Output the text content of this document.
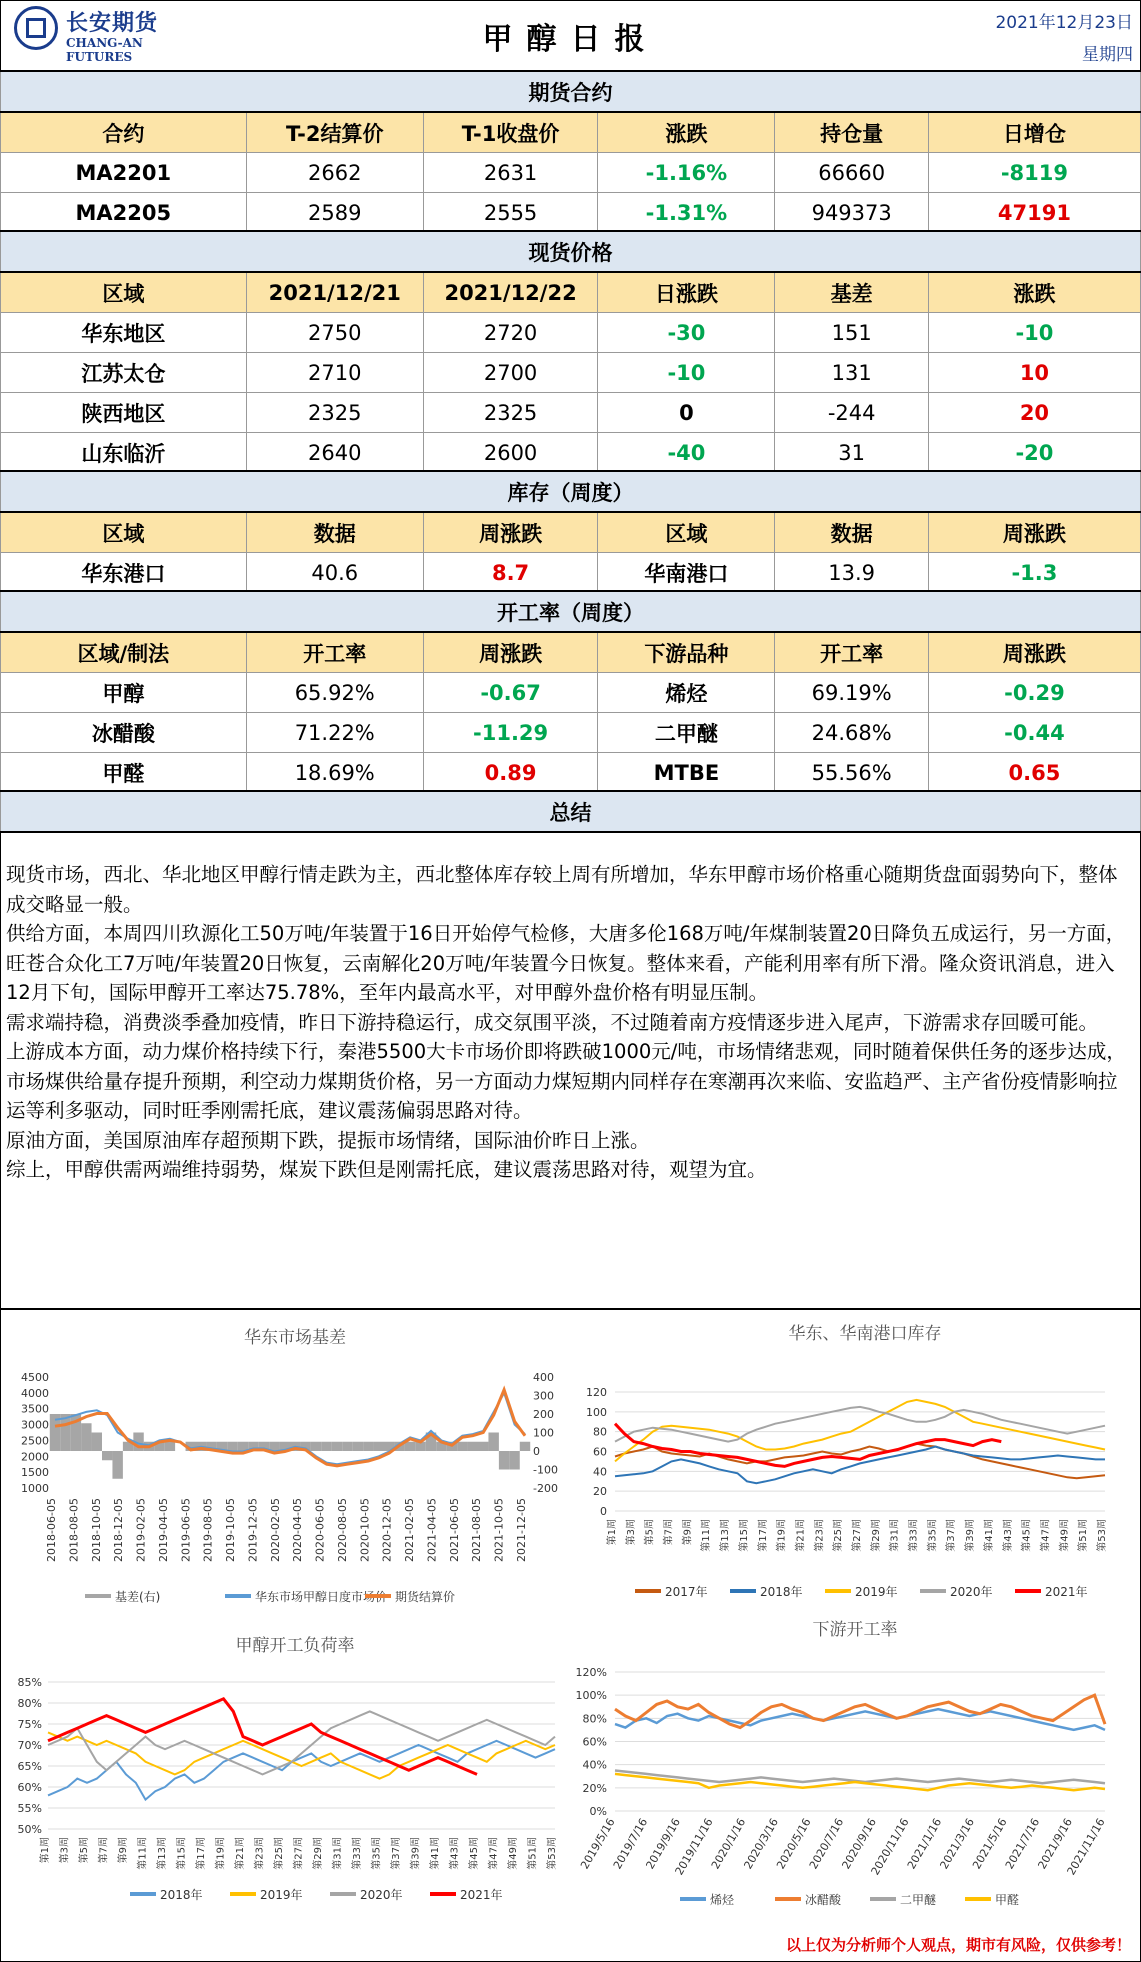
长安期货
CHANG-AN FUTURES	甲醇日报	2021年12月23日
星期四
期货合约					
合约	T-2结算价	T-1收盘价	涨跌	持仓量	日增仓
MA2201	2662	2631	-1.16%	66660	-8119
MA2205	2589	2555	-1.31%	949373	47191
现货价格					
区域	2021/12/21	2021/12/22	日涨跌	基差	涨跌
华东地区	2750	2720	-30	151	-10
江苏太仓	2710	2700	-10	131	10
陕西地区	2325	2325	0	-244	20
山东临沂	2640	2600	-40	31	-20
库存（周度）					
区域	数据	周涨跌	区域	数据	周涨跌
华东港口	40.6	8.7	华南港口	13.9	-1.3
开工率（周度）					
区域/制法	开工率	周涨跌	下游品种	开工率	周涨跌
甲醇	65.92%	-0.67	烯烃	69.19%	-0.29
冰醋酸	71.22%	-11.29	二甲醚	24.68%	-0.44
甲醛	18.69%	0.89	MTBE	55.56%	0.65
总结

现货市场，西北、华北地区甲醇行情走跌为主，西北整体库存较上周有所增加，华东甲醇市场价格重心随期货盘面弱势向下，整体成交略显一般。

供给方面，本周四川玖源化工50万吨/年装置于16日开始停气检修，大唐多伦168万吨/年煤制装置20日降负五成运行，另一方面，旺苍合众化工7万吨/年装置20日恢复，云南解化20万吨/年装置今日恢复。整体来看，产能利用率有所下滑。隆众资讯消息，进入12月下旬，国际甲醇开工率达75.78%，至年内最高水平，对甲醇外盘价格有明显压制。

需求端持稳，消费淡季叠加疫情，昨日下游持稳运行，成交氛围平淡，不过随着南方疫情逐步进入尾声，下游需求存回暖可能。

上游成本方面，动力煤价格持续下行，秦港5500大卡市场价即将跌破1000元/吨，市场情绪悲观，同时随着保供任务的逐步达成，市场煤供给量存提升预期，利空动力煤期货价格，另一方面动力煤短期内同样存在寒潮再次来临、安监趋严、主产省份疫情影响拉运等利多驱动，同时旺季刚需托底，建议震荡偏弱思路对待。

原油方面，美国原油库存超预期下跌，提振市场情绪，国际油价昨日上涨。

综上，甲醇供需两端维持弱势，煤炭下跌但是刚需托底，建议震荡思路对待，观望为宜。

华东市场基差
4500
4000
3500
3000
2500
2000
1500
1000
400
300
200
100
0
-100
-200
2018-06-05 2018-08-05 2018-10-05 2018-12-05 2019-02-05 2019-04-05 2019-06-05 2019-08-05 2019-10-05 2019-12-05 2020-02-05 2020-04-05 2020-06-05 2020-08-05 2020-10-05 2020-12-05 2021-02-05 2021-04-05 2021-06-05 2021-08-05 2021-10-05 2021-12-05
基差(右)	华东市场甲醇日度市场价 期货结算价
华东、华南港口库存
120
100
80
60
40
20
0
第1周 第3周 第5周 第7周 第9周 第11周 第13周 第15周 第17周 第19周 第21周 第23周 第25周 第27周 第29周 第31周 第33周 第35周 第37周 第39周 第41周 第43周 第45周 第47周 第49周 第51周 第53周
2017年	2018年	2019年	2020年	2021年
甲醇开工负荷率
85%
80%
75%
70%
65%
60%
55%
50%
第1周 第3周 第5周 第7周 第9周 第11周 第13周 第15周 第17周 第19周 第21周 第23周 第25周 第27周 第29周 第31周 第33周 第35周 第37周 第39周 第41周 第43周 第45周 第47周 第49周 第51周 第53周
2018年	2019年	2020年	2021年
下游开工率
120%
100%
80%
60%
40%
20%
0%
2019/5/16
2019/7/16
2019/9/16
2019/11/16
2020/1/16
2020/3/16
2020/5/16
2020/7/16
2020/9/16
2020/11/16
2021/1/16
2021/3/16
2021/5/16
2021/7/16
2021/9/16
2021/11/16
烯烃	冰醋酸	二甲醚	甲醛
以上仅为分析师个人观点，期市有风险，仅供参考！
